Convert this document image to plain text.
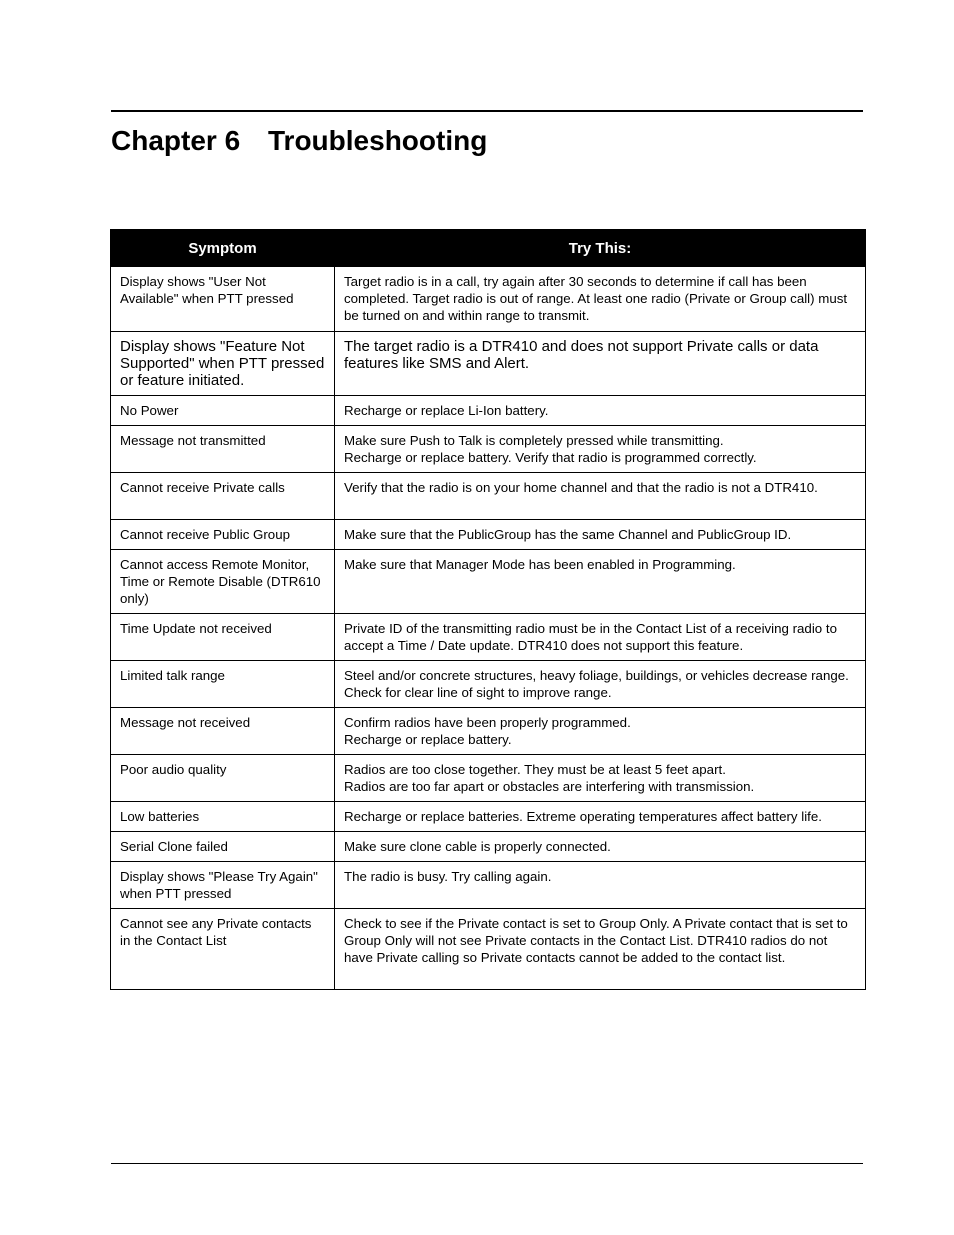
Chapter 6 Troubleshooting
Symptom	Try This:
Display shows "User Not Available" when PTT pressed	Target radio is in a call, try again after 30 seconds to determine if call has been completed. Target radio is out of range. At least one radio (Private or Group call) must be turned on and within range to transmit.

Display shows "Feature Not Supported" when PTT pressed or feature initiated.	The target radio is a DTR410 and does not support Private calls or data features like SMS and Alert.

No Power	Recharge or replace Li-Ion battery.

Message not transmitted	Make sure Push to Talk is completely pressed while transmitting.
Recharge or replace battery. Verify that radio is programmed correctly.

Cannot receive Private calls	Verify that the radio is on your home channel and that the radio is not a DTR410.

Cannot receive Public Group	Make sure that the PublicGroup has the same Channel and PublicGroup ID.

Cannot access Remote Monitor, Time or Remote Disable (DTR610 only)	Make sure that Manager Mode has been enabled in Programming.

Time Update not received	Private ID of the transmitting radio must be in the Contact List of a receiving radio to accept a Time / Date update. DTR410 does not support this feature.

Limited talk range	Steel and/or concrete structures, heavy foliage, buildings, or vehicles decrease range. Check for clear line of sight to improve range.

Message not received	Confirm radios have been properly programmed.
Recharge or replace battery.

Poor audio quality	Radios are too close together. They must be at least 5 feet apart.
Radios are too far apart or obstacles are interfering with transmission.

Low batteries	Recharge or replace batteries. Extreme operating temperatures affect battery life.

Serial Clone failed	Make sure clone cable is properly connected.

Display shows "Please Try Again" when PTT pressed	The radio is busy. Try calling again.

Cannot see any Private contacts in the Contact List	Check to see if the Private contact is set to Group Only. A Private contact that is set to Group Only will not see Private contacts in the Contact List. DTR410 radios do not have Private calling so Private contacts cannot be added to the contact list.
